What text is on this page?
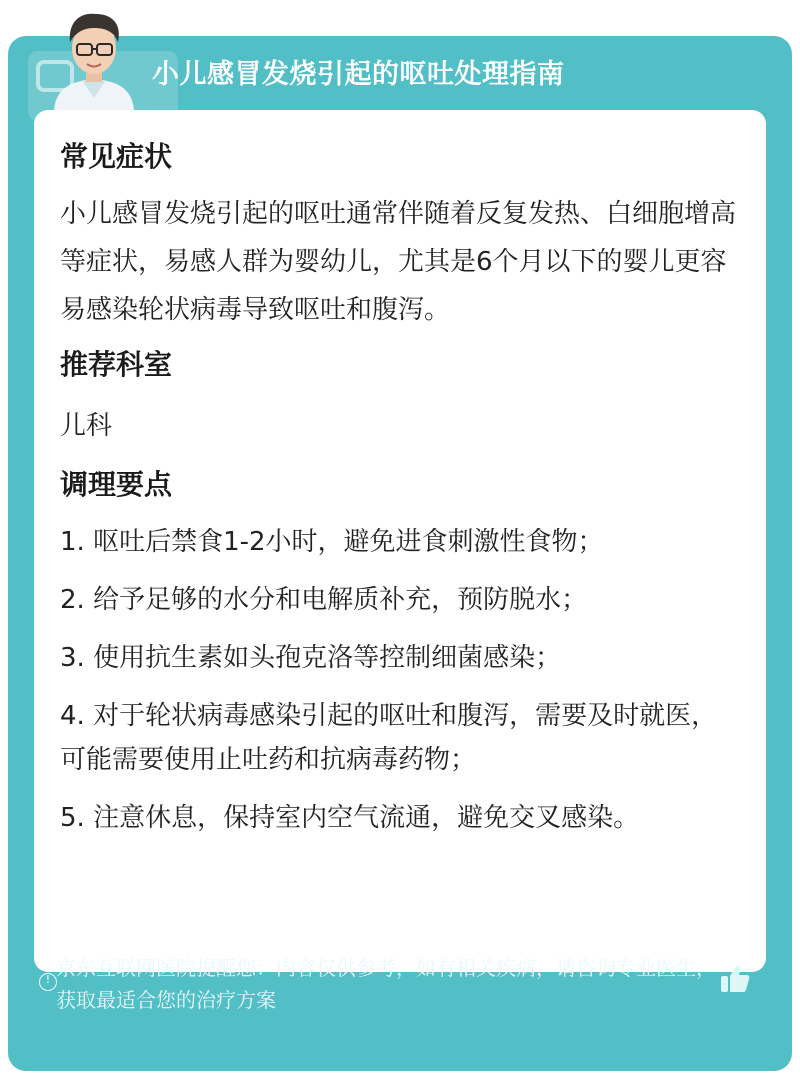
小儿感冒发烧引起的呕吐处理指南
常见症状
小儿感冒发烧引起的呕吐通常伴随着反复发热、白细胞增高等症状，易感人群为婴幼儿，尤其是6个月以下的婴儿更容易感染轮状病毒导致呕吐和腹泻。
推荐科室
儿科
调理要点
1. 呕吐后禁食1-2小时，避免进食刺激性食物；
2. 给予足够的水分和电解质补充，预防脱水；
3. 使用抗生素如头孢克洛等控制细菌感染；
4. 对于轮状病毒感染引起的呕吐和腹泻，需要及时就医，可能需要使用止吐药和抗病毒药物；
5. 注意休息，保持室内空气流通，避免交叉感染。
!
京东互联网医院提醒您：内容仅供参考，如有相关疾病，请咨询专业医生，获取最适合您的治疗方案
